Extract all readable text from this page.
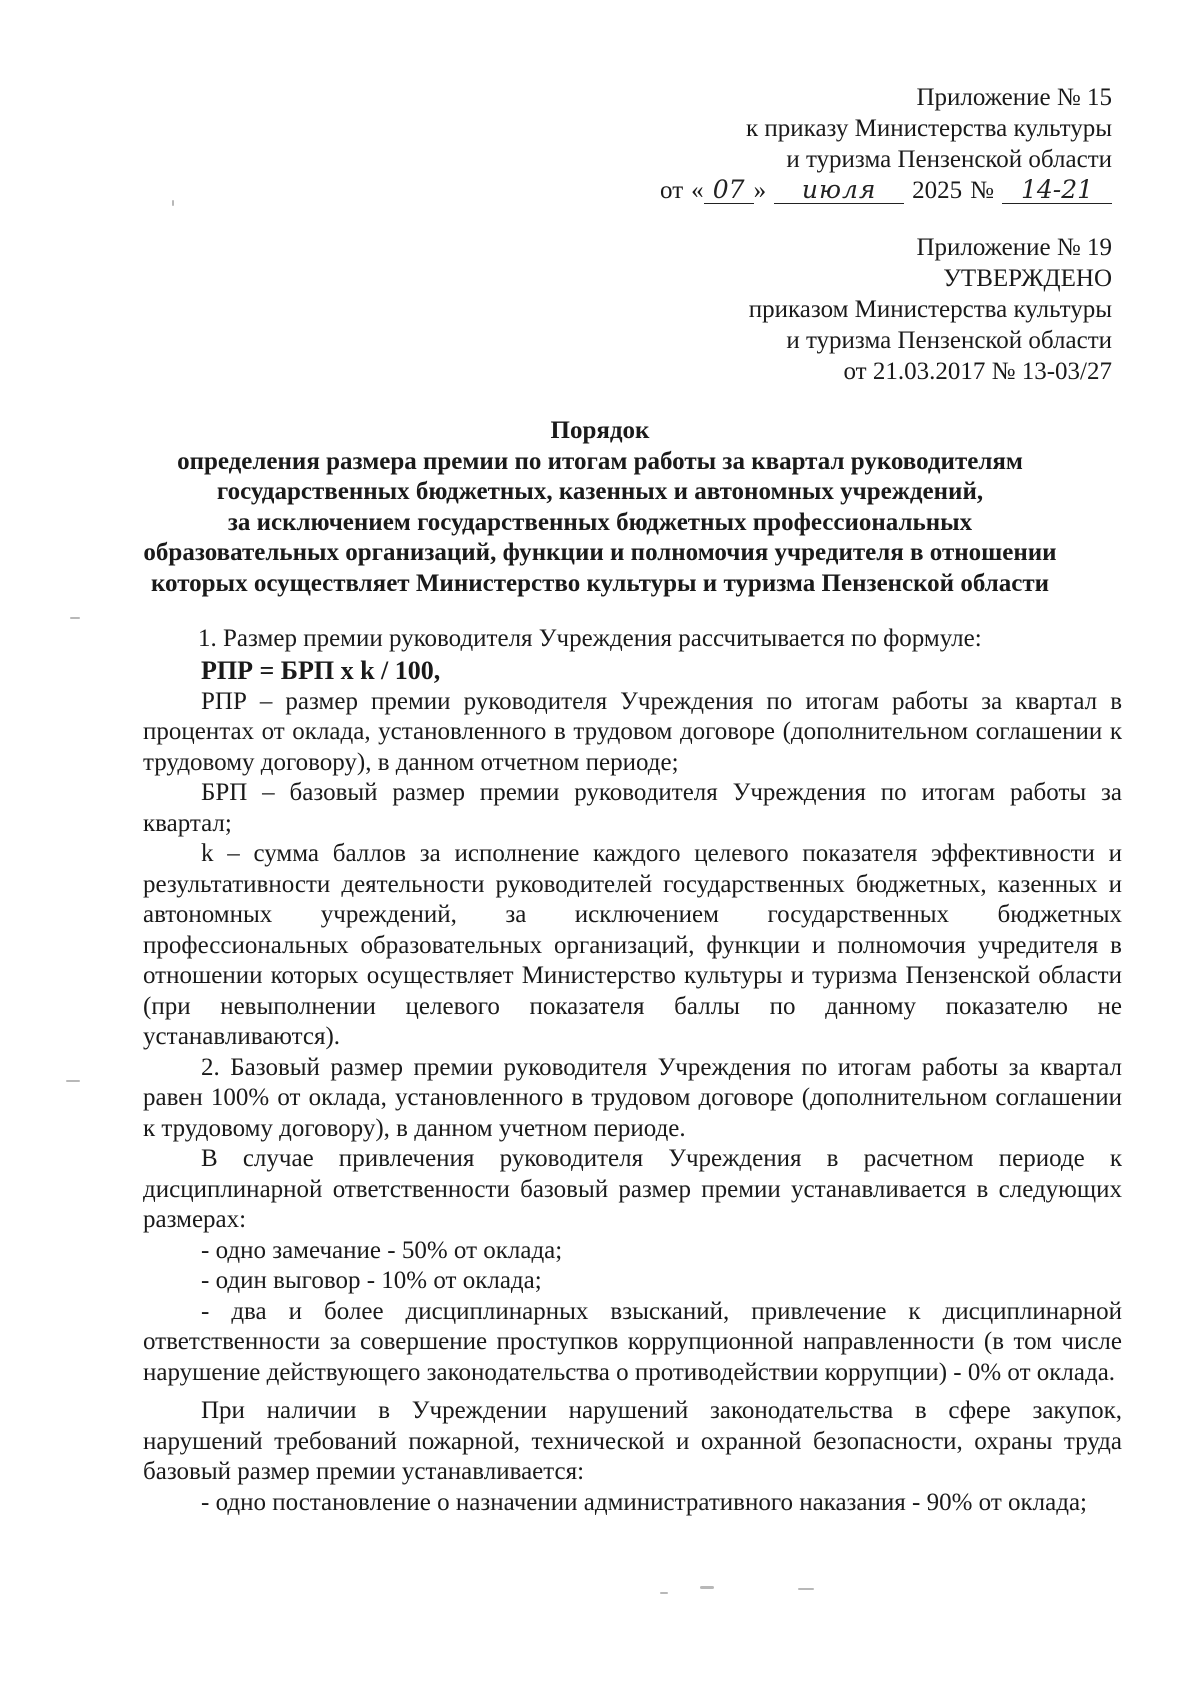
Приложение № 15
к приказу Министерства культуры
и туризма Пензенской области
от « 07 »	июля	2025 №	14-21
Приложение № 19
УТВЕРЖДЕНО
приказом Министерства культуры
и туризма Пензенской области
от 21.03.2017 № 13-03/27
Порядок
определения размера премии по итогам работы за квартал руководителям
государственных бюджетных, казенных и автономных учреждений,
за исключением государственных бюджетных профессиональных
образовательных организаций, функции и полномочия учредителя в отношении
которых осуществляет Министерство культуры и туризма Пензенской области

1. Размер премии руководителя Учреждения рассчитывается по формуле:

РПР = БРП x k / 100,

РПР – размер премии руководителя Учреждения по итогам работы за квартал в процентах от оклада, установленного в трудовом договоре (дополнительном соглашении к трудовому договору), в данном отчетном периоде;

БРП – базовый размер премии руководителя Учреждения по итогам работы за квартал;

k – сумма баллов за исполнение каждого целевого показателя эффективности и результативности деятельности руководителей государственных бюджетных, казенных и автономных учреждений, за исключением государственных бюджетных профессиональных образовательных организаций, функции и полномочия учредителя в отношении которых осуществляет Министерство культуры и туризма Пензенской области (при невыполнении целевого показателя баллы по данному показателю не устанавливаются).

2. Базовый размер премии руководителя Учреждения по итогам работы за квартал равен 100% от оклада, установленного в трудовом договоре (дополнительном соглашении к трудовому договору), в данном учетном периоде.

В случае привлечения руководителя Учреждения в расчетном периоде к дисциплинарной ответственности базовый размер премии устанавливается в следующих размерах:

- одно замечание - 50% от оклада;

- один выговор - 10% от оклада;

- два и более дисциплинарных взысканий, привлечение к дисциплинарной ответственности за совершение проступков коррупционной направленности (в том числе нарушение действующего законодательства о противодействии коррупции) - 0% от оклада.

При наличии в Учреждении нарушений законодательства в сфере закупок, нарушений требований пожарной, технической и охранной безопасности, охраны труда базовый размер премии устанавливается:

- одно постановление о назначении административного наказания - 90% от оклада;
